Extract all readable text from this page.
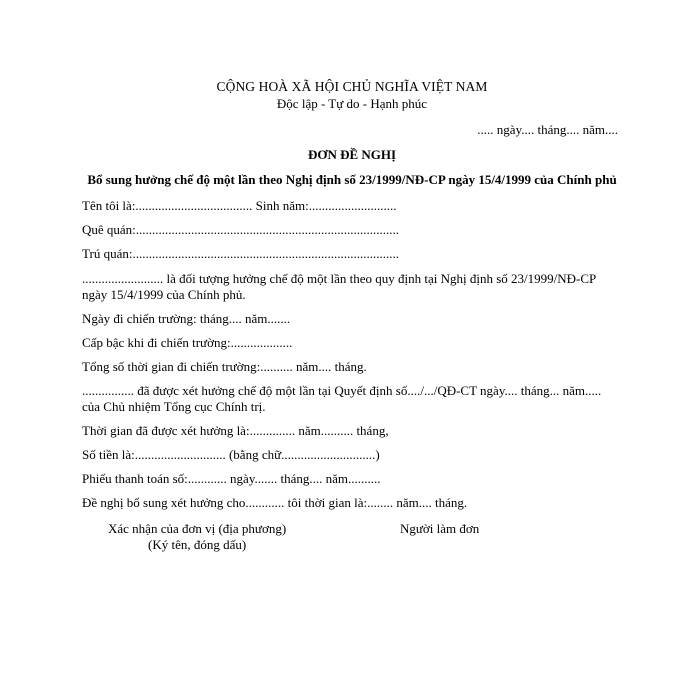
CỘNG HOÀ XÃ HỘI CHỦ NGHĨA VIỆT NAM
Độc lập - Tự do - Hạnh phúc
..... ngày.... tháng.... năm....
ĐƠN ĐỀ NGHỊ
Bổ sung hưởng chế độ một lần theo Nghị định số 23/1999/NĐ-CP ngày 15/4/1999 của Chính phủ
Tên tôi là:.................................... Sinh năm:...........................
Quê quán:.................................................................................
Trú quán:..................................................................................
......................... là đối tượng hưởng chế độ một lần theo quy định tại Nghị định số 23/1999/NĐ-CP ngày 15/4/1999 của Chính phủ.
Ngày đi chiến trường: tháng.... năm.......
Cấp bậc khi đi chiến trường:...................
Tổng số thời gian đi chiến trường:.......... năm.... tháng.
................ đã được xét hưởng chế độ một lần tại Quyết định số..../.../QĐ-CT ngày.... tháng... năm..... của Chủ nhiệm Tổng cục Chính trị.
Thời gian đã được xét hưởng là:.............. năm.......... tháng,
Số tiền là:............................ (bằng chữ.............................)
Phiếu thanh toán số:............ ngày....... tháng.... năm..........
Đề nghị bổ sung xét hưởng cho............ tôi thời gian là:........ năm.... tháng.
Xác nhận của đơn vị (địa phương)
(Ký tên, đóng dấu)
Người làm đơn
